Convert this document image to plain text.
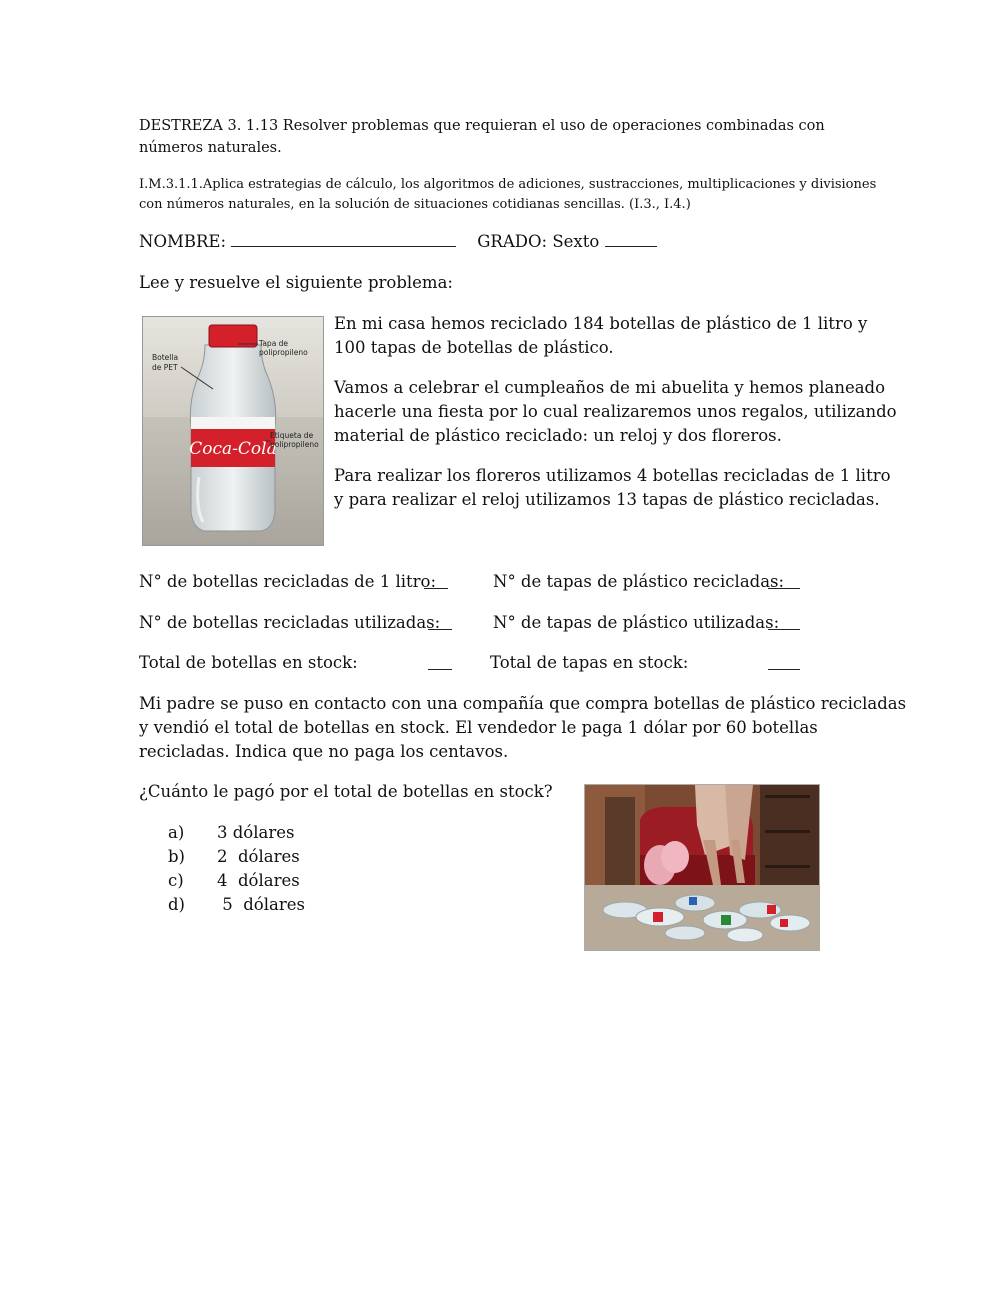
DESTREZA 3. 1.13 Resolver problemas que requieran el uso de operaciones combinadas con números naturales.
I.M.3.1.1.Aplica estrategias de cálculo, los algoritmos de adiciones, sustracciones, multiplicaciones y divisiones con números naturales, en la solución de situaciones cotidianas sencillas. (I.3., I.4.)
NOMBRE:	GRADO: Sexto
Lee y resuelve el siguiente problema:
Coca-Cola
Tapa de
polipropileno
Botella
de PET
Etiqueta de
polipropileno
En mi casa hemos reciclado 184 botellas de plástico de 1 litro y 100 tapas de botellas de plástico.
Vamos a celebrar el cumpleaños de mi abuelita y hemos planeado hacerle una fiesta por lo cual realizaremos unos regalos, utilizando material de plástico reciclado: un reloj y dos floreros.
Para realizar los floreros utilizamos 4 botellas recicladas de 1 litro y para realizar el reloj utilizamos 13 tapas de plástico recicladas.
N° de botellas recicladas de 1 litro:	N° de tapas de plástico recicladas:
N° de botellas recicladas utilizadas:	N° de tapas de plástico utilizadas:
Total de botellas en stock:	Total de tapas en stock:
Mi padre se puso en contacto con una compañía que compra botellas de plástico recicladas y vendió el total de botellas en stock. El vendedor le paga 1 dólar por 60 botellas recicladas. Indica que no paga los centavos.
¿Cuánto le pagó por el total de botellas en stock?
a) 3 dólares
b) 2  dólares
c) 4  dólares
d) 5  dólares
